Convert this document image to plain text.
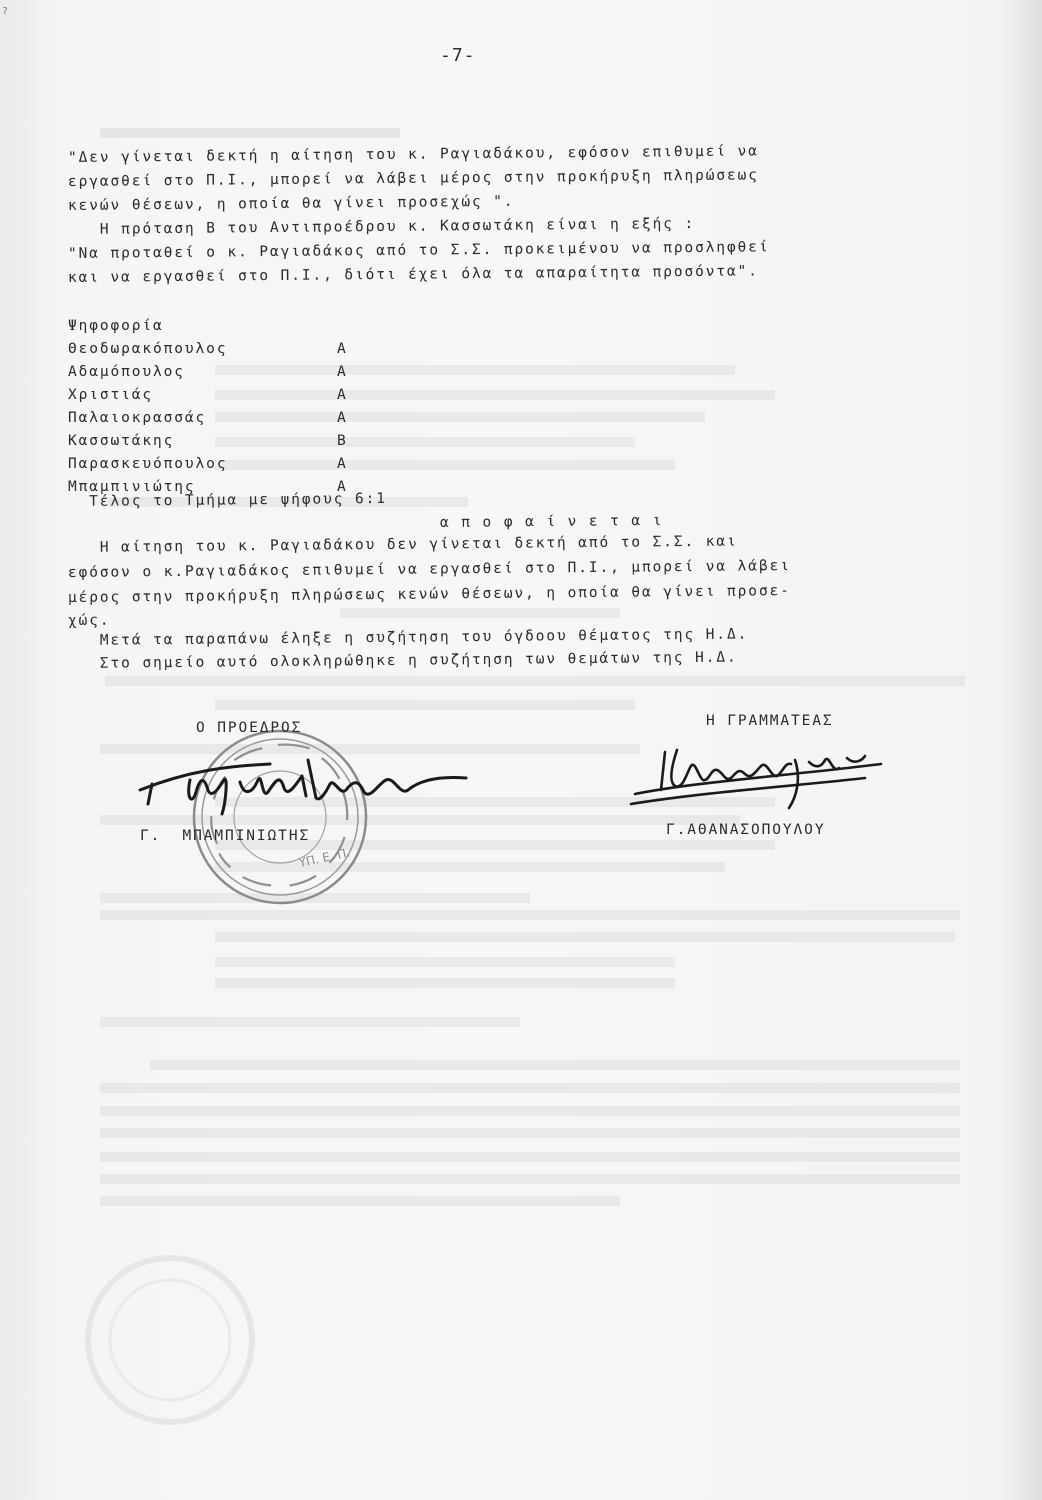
?
-7-
"Δεν γίνεται δεκτή η αίτηση του κ. Ραγιαδάκου, εφόσον επιθυμεί να
εργασθεί στο Π.Ι., μπορεί να λάβει μέρος στην προκήρυξη πληρώσεως
κενών θέσεων, η οποία θα γίνει προσεχώς ".
Η πρόταση Β του Αντιπροέδρου κ. Κασσωτάκη είναι η εξής :
"Να προταθεί ο κ. Ραγιαδάκος από το Σ.Σ. προκειμένου να προσληφθεί
και να εργασθεί στο Π.Ι., διότι έχει όλα τα απαραίτητα προσόντα".
Ψηφοφορία
Θεοδωρακόπουλος	Α
Αδαμόπουλος	Α
Χριστιάς	Α
Παλαιοκρασσάς	Α
Κασσωτάκης	Β
Παρασκευόπουλος	Α
Μπαμπινιώτης	Α
Τέλος το Τμήμα με ψήφους 6:1
α π ο φ α ί ν ε τ α ι
Η αίτηση του κ. Ραγιαδάκου δεν γίνεται δεκτή από το Σ.Σ. και
εφόσον ο κ.Ραγιαδάκος επιθυμεί να εργασθεί στο Π.Ι., μπορεί να λάβει
μέρος στην προκήρυξη πληρώσεως κενών θέσεων, η οποία θα γίνει προσε-
χώς.
Μετά τα παραπάνω έληξε η συζήτηση του όγδοου θέματος της Η.Δ.
Στο σημείο αυτό ολοκληρώθηκε η συζήτηση των θεμάτων της Η.Δ.
ΥΠ. Ε. Π.
Ο ΠΡΟΕΔΡΟΣ	Η ΓΡΑΜΜΑΤΕΑΣ
Γ.  ΜΠΑΜΠΙΝΙΩΤΗΣ	Γ.ΑΘΑΝΑΣΟΠΟΥΛΟΥ
